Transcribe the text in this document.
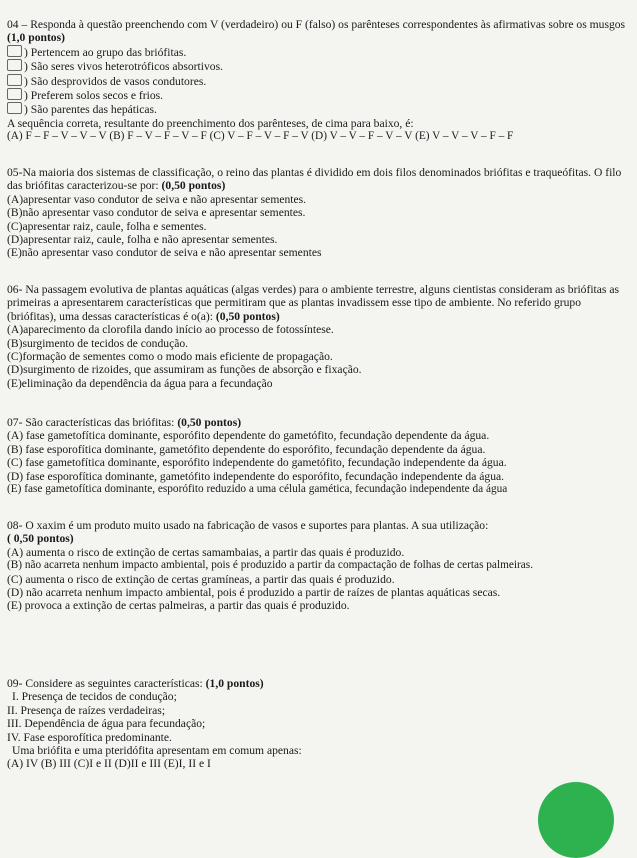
04 – Responda à questão preenchendo com V (verdadeiro) ou F (falso) os parênteses correspondentes às afirmativas sobre os musgos (1,0 pontos)

) Pertencem ao grupo das briófitas.

) São seres vivos heterotróficos absortivos.

) São desprovidos de vasos condutores.

) Preferem solos secos e frios.

) São parentes das hepáticas.

A sequência correta, resultante do preenchimento dos parênteses, de cima para baixo, é:

(A) F – F – V – V – V (B) F – V – F – V – F (C) V – F – V – F – V (D) V – V – F – V – V (E) V – V – V – F – F

05-Na maioria dos sistemas de classificação, o reino das plantas é dividido em dois filos denominados briófitas e traqueófitas. O filo das briófitas caracterizou-se por: (0,50 pontos)

(A)apresentar vaso condutor de seiva e não apresentar sementes.

(B)não apresentar vaso condutor de seiva e apresentar sementes.

(C)apresentar raiz, caule, folha e sementes.

(D)apresentar raiz, caule, folha e não apresentar sementes.

(E)não apresentar vaso condutor de seiva e não apresentar sementes

06- Na passagem evolutiva de plantas aquáticas (algas verdes) para o ambiente terrestre, alguns cientistas consideram as briófitas as primeiras a apresentarem características que permitiram que as plantas invadissem esse tipo de ambiente. No referido grupo (briófitas), uma dessas características é o(a): (0,50 pontos)

(A)aparecimento da clorofila dando início ao processo de fotossíntese.

(B)surgimento de tecidos de condução.

(C)formação de sementes como o modo mais eficiente de propagação.

(D)surgimento de rizoides, que assumiram as funções de absorção e fixação.

(E)eliminação da dependência da água para a fecundação

07- São características das briófitas: (0,50 pontos)

(A) fase gametofítica dominante, esporófito dependente do gametófito, fecundação dependente da água.

(B) fase esporofítica dominante, gametófito dependente do esporófito, fecundação dependente da água.

(C) fase gametofítica dominante, esporófito independente do gametófito, fecundação independente da água.

(D) fase esporofítica dominante, gametófito independente do esporófito, fecundação independente da água.

(E) fase gametofítica dominante, esporófito reduzido a uma célula gamética, fecundação independente da água

08- O xaxim é um produto muito usado na fabricação de vasos e suportes para plantas. A sua utilização:

( 0,50 pontos)

(A) aumenta o risco de extinção de certas samambaias, a partir das quais é produzido.

(B) não acarreta nenhum impacto ambiental, pois é produzido a partir da compactação de folhas de certas palmeiras.

(C) aumenta o risco de extinção de certas gramíneas, a partir das quais é produzido.

(D) não acarreta nenhum impacto ambiental, pois é produzido a partir de raízes de plantas aquáticas secas.

(E) provoca a extinção de certas palmeiras, a partir das quais é produzido.

09- Considere as seguintes características: (1,0 pontos)

I. Presença de tecidos de condução;

II. Presença de raízes verdadeiras;

III. Dependência de água para fecundação;

IV. Fase esporofítica predominante.

Uma briófita e uma pteridófita apresentam em comum apenas:

(A) IV (B) III (C)I e II (D)II e III (E)I, II e I
